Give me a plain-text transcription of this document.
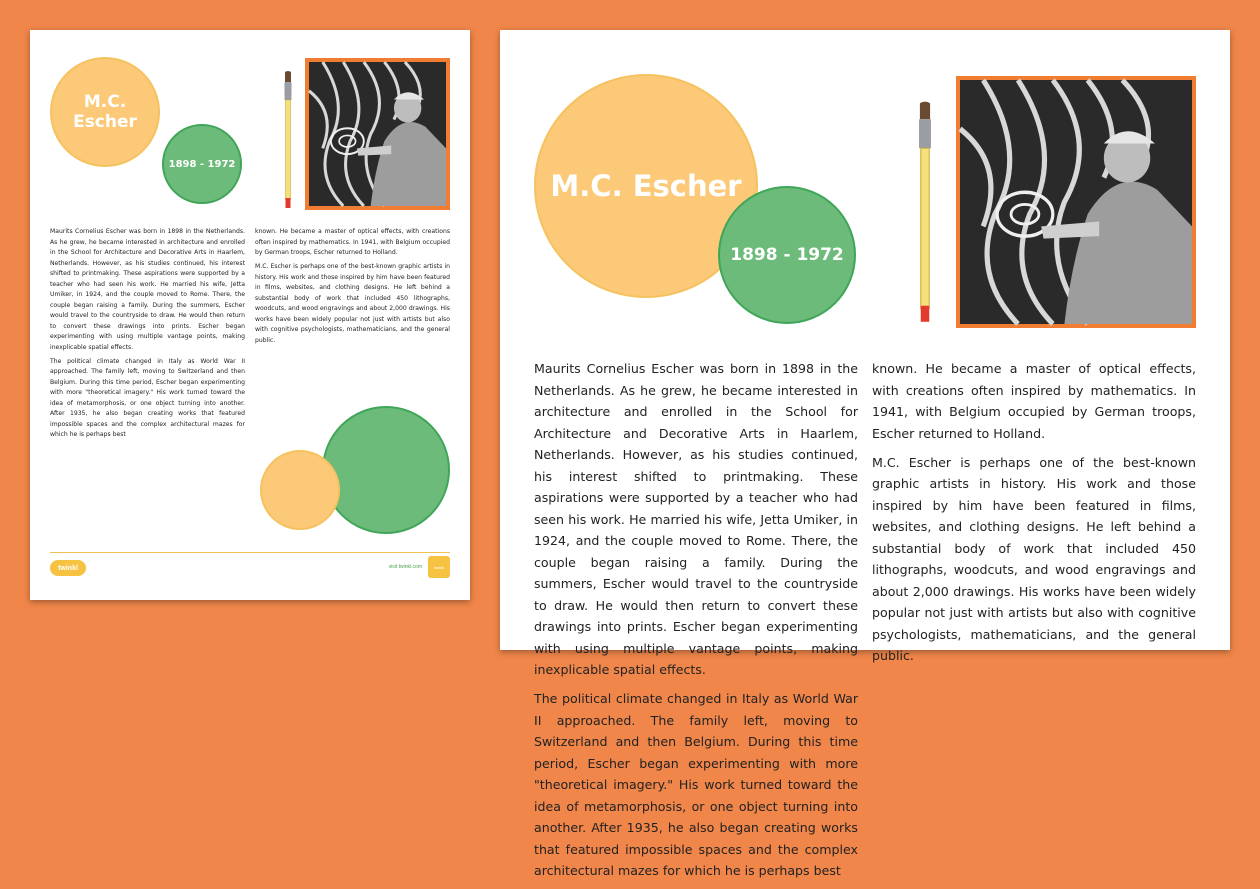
M.C. Escher
1898 - 1972

Maurits Cornelius Escher was born in 1898 in the Netherlands. As he grew, he became interested in architecture and enrolled in the School for Architecture and Decorative Arts in Haarlem, Netherlands. However, as his studies continued, his interest shifted to printmaking. These aspirations were supported by a teacher who had seen his work. He married his wife, Jetta Umiker, in 1924, and the couple moved to Rome. There, the couple began raising a family. During the summers, Escher would travel to the countryside to draw. He would then return to convert these drawings into prints. Escher began experimenting with using multiple vantage points, making inexplicable spatial effects.

The political climate changed in Italy as World War II approached. The family left, moving to Switzerland and then Belgium. During this time period, Escher began experimenting with more "theoretical imagery." His work turned toward the idea of metamorphosis, or one object turning into another. After 1935, he also began creating works that featured impossible spaces and the complex architectural mazes for which he is perhaps best

known. He became a master of optical effects, with creations often inspired by mathematics. In 1941, with Belgium occupied by German troops, Escher returned to Holland.

M.C. Escher is perhaps one of the best-known graphic artists in history. His work and those inspired by him have been featured in films, websites, and clothing designs. He left behind a substantial body of work that included 450 lithographs, woodcuts, and wood engravings and about 2,000 drawings. His works have been widely popular not just with artists but also with cognitive psychologists, mathematicians, and the general public.

twinkl	visit twinkl.com	twinkl
M.C. Escher
1898 - 1972

Maurits Cornelius Escher was born in 1898 in the Netherlands. As he grew, he became interested in architecture and enrolled in the School for Architecture and Decorative Arts in Haarlem, Netherlands. However, as his studies continued, his interest shifted to printmaking. These aspirations were supported by a teacher who had seen his work. He married his wife, Jetta Umiker, in 1924, and the couple moved to Rome. There, the couple began raising a family. During the summers, Escher would travel to the countryside to draw. He would then return to convert these drawings into prints. Escher began experimenting with using multiple vantage points, making inexplicable spatial effects.

The political climate changed in Italy as World War II approached. The family left, moving to Switzerland and then Belgium. During this time period, Escher began experimenting with more "theoretical imagery." His work turned toward the idea of metamorphosis, or one object turning into another. After 1935, he also began creating works that featured impossible spaces and the complex architectural mazes for which he is perhaps best

known. He became a master of optical effects, with creations often inspired by mathematics. In 1941, with Belgium occupied by German troops, Escher returned to Holland.

M.C. Escher is perhaps one of the best-known graphic artists in history. His work and those inspired by him have been featured in films, websites, and clothing designs. He left behind a substantial body of work that included 450 lithographs, woodcuts, and wood engravings and about 2,000 drawings. His works have been widely popular not just with artists but also with cognitive psychologists, mathematicians, and the general public.
